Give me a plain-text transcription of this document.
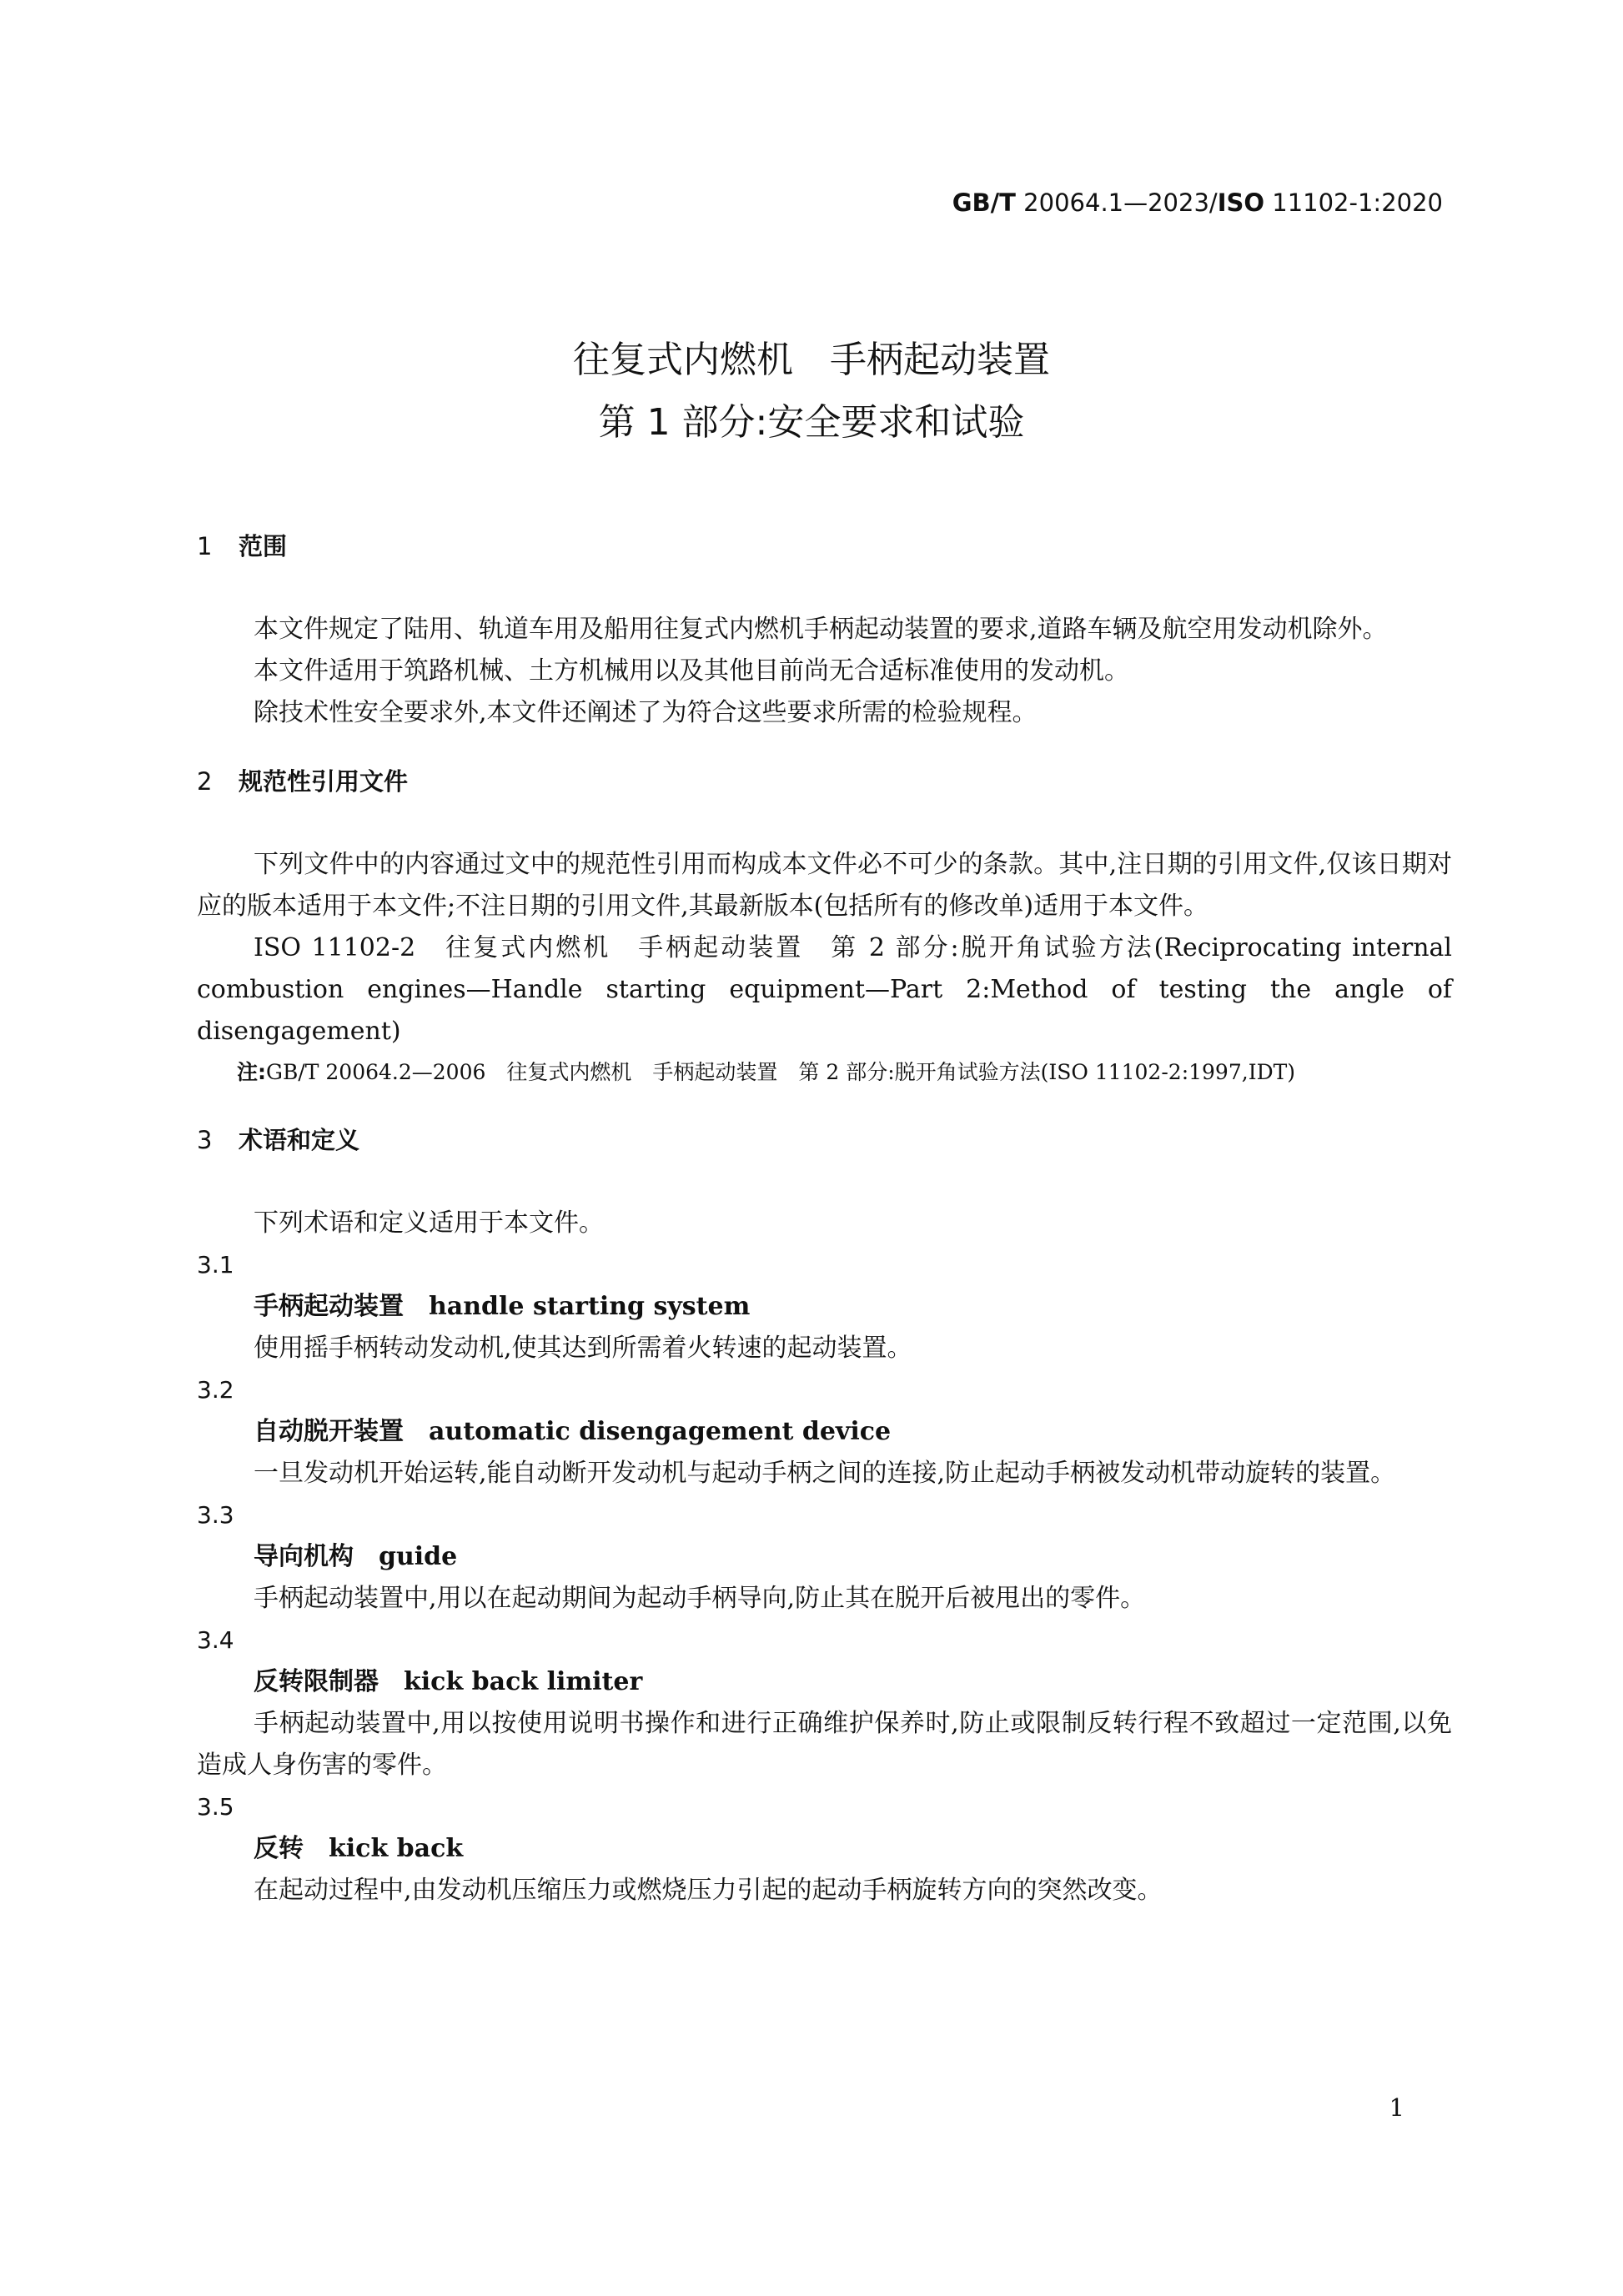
GB/T 20064.1—2023/ISO 11102-1:2020
往复式内燃机　手柄起动装置
第 1 部分:安全要求和试验

1 范围

本文件规定了陆用、轨道车用及船用往复式内燃机手柄起动装置的要求,道路车辆及航空用发动机除外。

本文件适用于筑路机械、土方机械用以及其他目前尚无合适标准使用的发动机。

除技术性安全要求外,本文件还阐述了为符合这些要求所需的检验规程。

2 规范性引用文件

下列文件中的内容通过文中的规范性引用而构成本文件必不可少的条款。其中,注日期的引用文件,仅该日期对应的版本适用于本文件;不注日期的引用文件,其最新版本(包括所有的修改单)适用于本文件。

ISO 11102-2　往复式内燃机　手柄起动装置　第 2 部分:脱开角试验方法(Reciprocating internal combustion engines—Handle starting equipment—Part 2:Method of testing the angle of disengagement)

注:GB/T 20064.2—2006　往复式内燃机　手柄起动装置　第 2 部分:脱开角试验方法(ISO 11102-2:1997,IDT)

3 术语和定义

下列术语和定义适用于本文件。

3.1

手柄起动装置　 handle starting system

使用摇手柄转动发动机,使其达到所需着火转速的起动装置。

3.2

自动脱开装置　 automatic disengagement device

一旦发动机开始运转,能自动断开发动机与起动手柄之间的连接,防止起动手柄被发动机带动旋转的装置。

3.3

导向机构　 guide

手柄起动装置中,用以在起动期间为起动手柄导向,防止其在脱开后被甩出的零件。

3.4

反转限制器　 kick back limiter

手柄起动装置中,用以按使用说明书操作和进行正确维护保养时,防止或限制反转行程不致超过一定范围,以免造成人身伤害的零件。

3.5

反转　 kick back

在起动过程中,由发动机压缩压力或燃烧压力引起的起动手柄旋转方向的突然改变。

1
